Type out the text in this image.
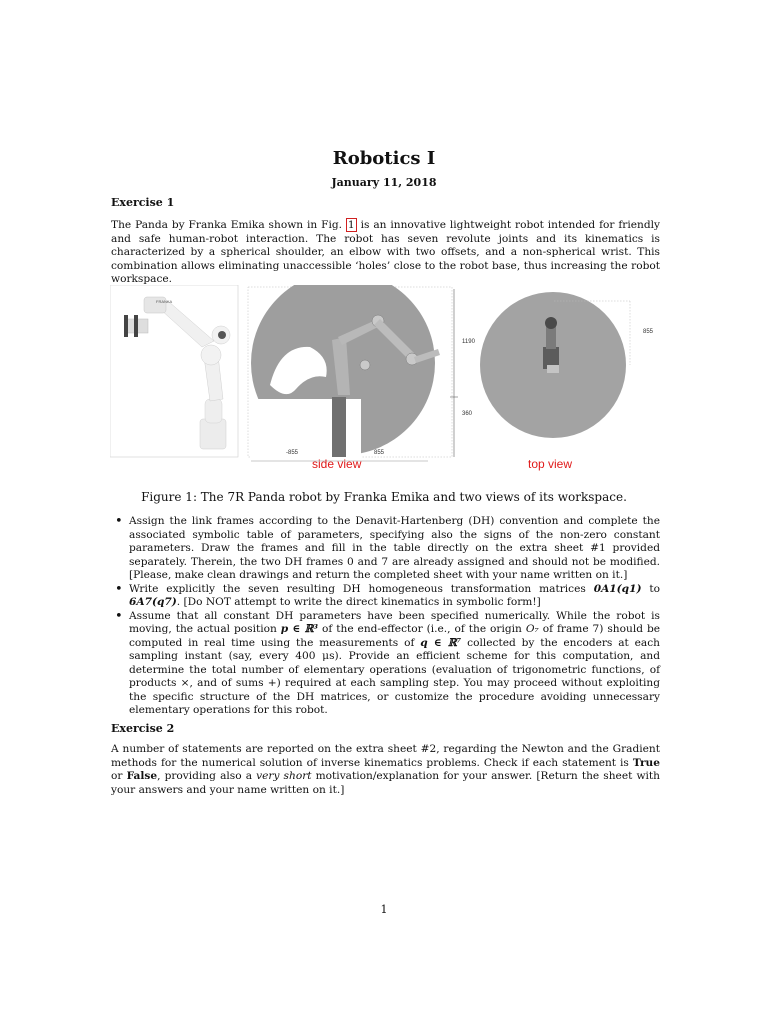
Robotics I
January 11, 2018
Exercise 1
The Panda by Franka Emika shown in Fig. 1 is an innovative lightweight robot intended for friendly and safe human-robot interaction. The robot has seven revolute joints and its kinematics is characterized by a spherical shoulder, an elbow with two offsets, and a non-spherical wrist. This combination allows eliminating unaccessible ‘holes’ close to the robot base, thus increasing the robot workspace.
FRANKA
1190
360
-855	855
855
side view	top view
Figure 1: The 7R Panda robot by Franka Emika and two views of its workspace.
• Assign the link frames according to the Denavit-Hartenberg (DH) convention and complete the associated symbolic table of parameters, specifying also the signs of the non-zero constant parameters. Draw the frames and fill in the table directly on the extra sheet #1 provided separately. Therein, the two DH frames 0 and 7 are already assigned and should not be modified. [Please, make clean drawings and return the completed sheet with your name written on it.]
• Write explicitly the seven resulting DH homogeneous transformation matrices 0A1(q1) to 6A7(q7). [Do NOT attempt to write the direct kinematics in symbolic form!]
• Assume that all constant DH parameters have been specified numerically. While the robot is moving, the actual position p ∈ ℝ³ of the end-effector (i.e., of the origin O₇ of frame 7) should be computed in real time using the measurements of q ∈ ℝ⁷ collected by the encoders at each sampling instant (say, every 400 μs). Provide an efficient scheme for this computation, and determine the total number of elementary operations (evaluation of trigonometric functions, of products ×, and of sums +) required at each sampling step. You may proceed without exploiting the specific structure of the DH matrices, or customize the procedure avoiding unnecessary elementary operations for this robot.
Exercise 2
A number of statements are reported on the extra sheet #2, regarding the Newton and the Gradient methods for the numerical solution of inverse kinematics problems. Check if each statement is True or False, providing also a very short motivation/explanation for your answer. [Return the sheet with your answers and your name written on it.]
1
